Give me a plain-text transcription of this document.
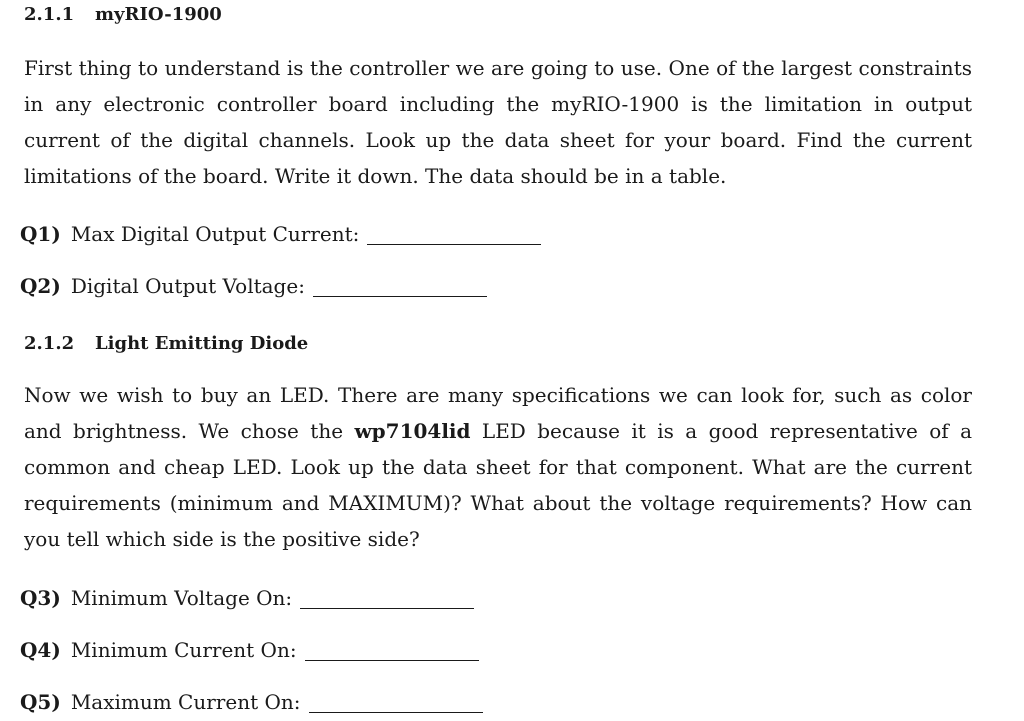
2.1.1	myRIO-1900

First thing to understand is the controller we are going to use. One of the largest constraints
in any electronic controller board including the myRIO-1900 is the limitation in output
current of the digital channels. Look up the data sheet for your board. Find the current
limitations of the board. Write it down. The data should be in a table.

Q1) Max Digital Output Current:
Q2) Digital Output Voltage:
2.1.2	Light Emitting Diode

Now we wish to buy an LED. There are many specifications we can look for, such as color
and brightness. We chose the wp7104lid LED because it is a good representative of a
common and cheap LED. Look up the data sheet for that component. What are the current
requirements (minimum and MAXIMUM)? What about the voltage requirements? How can
you tell which side is the positive side?

Q3) Minimum Voltage On:
Q4) Minimum Current On:
Q5) Maximum Current On:
